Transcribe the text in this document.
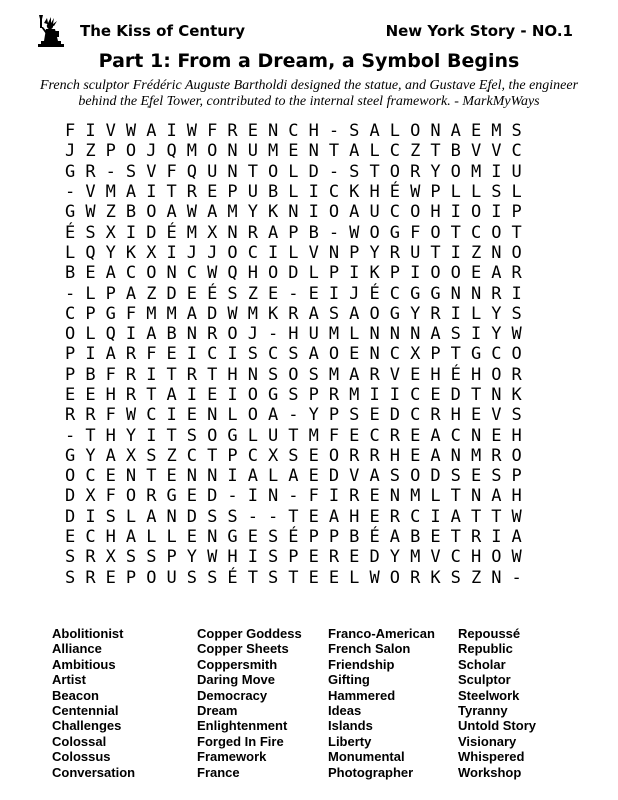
The Kiss of Century	New York Story - NO.1
Part 1: From a Dream, a Symbol Begins
French sculptor Frédéric Auguste Bartholdi designed the statue, and Gustave E͙fel, the engineer behind the E͙fel Tower, contributed to the internal steel framework. - MarkMyWays
F I V W A I W F R E N C H - S A L O N A E M S
J Z P O J Q M O N U M E N T A L C Z T B V V C
G R - S V F Q U N T O L D - S T O R Y O M I U
- V M A I T R E P U B L I C K H É W P L L S L
G W Z B O A W A M Y K N I O A U C O H I O I P
É S X I D É M X N R A P B - W O G F O T C O T
L Q Y K X I J J O C I L V N P Y R U T I Z N O
B E A C O N C W Q H O D L P I K P I O O E A R
- L P A Z D E É S Z E - E I J É C G G N N R I
C P G F M M A D W M K R A S A O G Y R I L Y S
O L Q I A B N R O J - H U M L N N N A S I Y W
P I A R F E I C I S C S A O E N C X P T G C O
P B F R I T R T H N S O S M A R V E H É H O R
E E H R T A I E I O G S P R M I I C E D T N K
R R F W C I E N L O A - Y P S E D C R H E V S
- T H Y I T S O G L U T M F E C R E A C N E H
G Y A X S Z C T P C X S E O R R H E A N M R O
O C E N T E N N I A L A E D V A S O D S E S P
D X F O R G E D - I N - F I R E N M L T N A H
D I S L A N D S S - - T E A H E R C I A T T W
E C H A L L E N G E S É P P B É A B E T R I A
S R X S S P Y W H I S P E R E D Y M V C H O W
S R E P O U S S É T S T E E L W O R K S Z N -
Abolitionist
Alliance
Ambitious
Artist
Beacon
Centennial
Challenges
Colossal
Colossus
Conversation
Copper Goddess
Copper Sheets
Coppersmith
Daring Move
Democracy
Dream
Enlightenment
Forged In Fire
Framework
France
Franco-American
French Salon
Friendship
Gifting
Hammered
Ideas
Islands
Liberty
Monumental
Photographer
Repoussé
Republic
Scholar
Sculptor
Steelwork
Tyranny
Untold Story
Visionary
Whispered
Workshop
